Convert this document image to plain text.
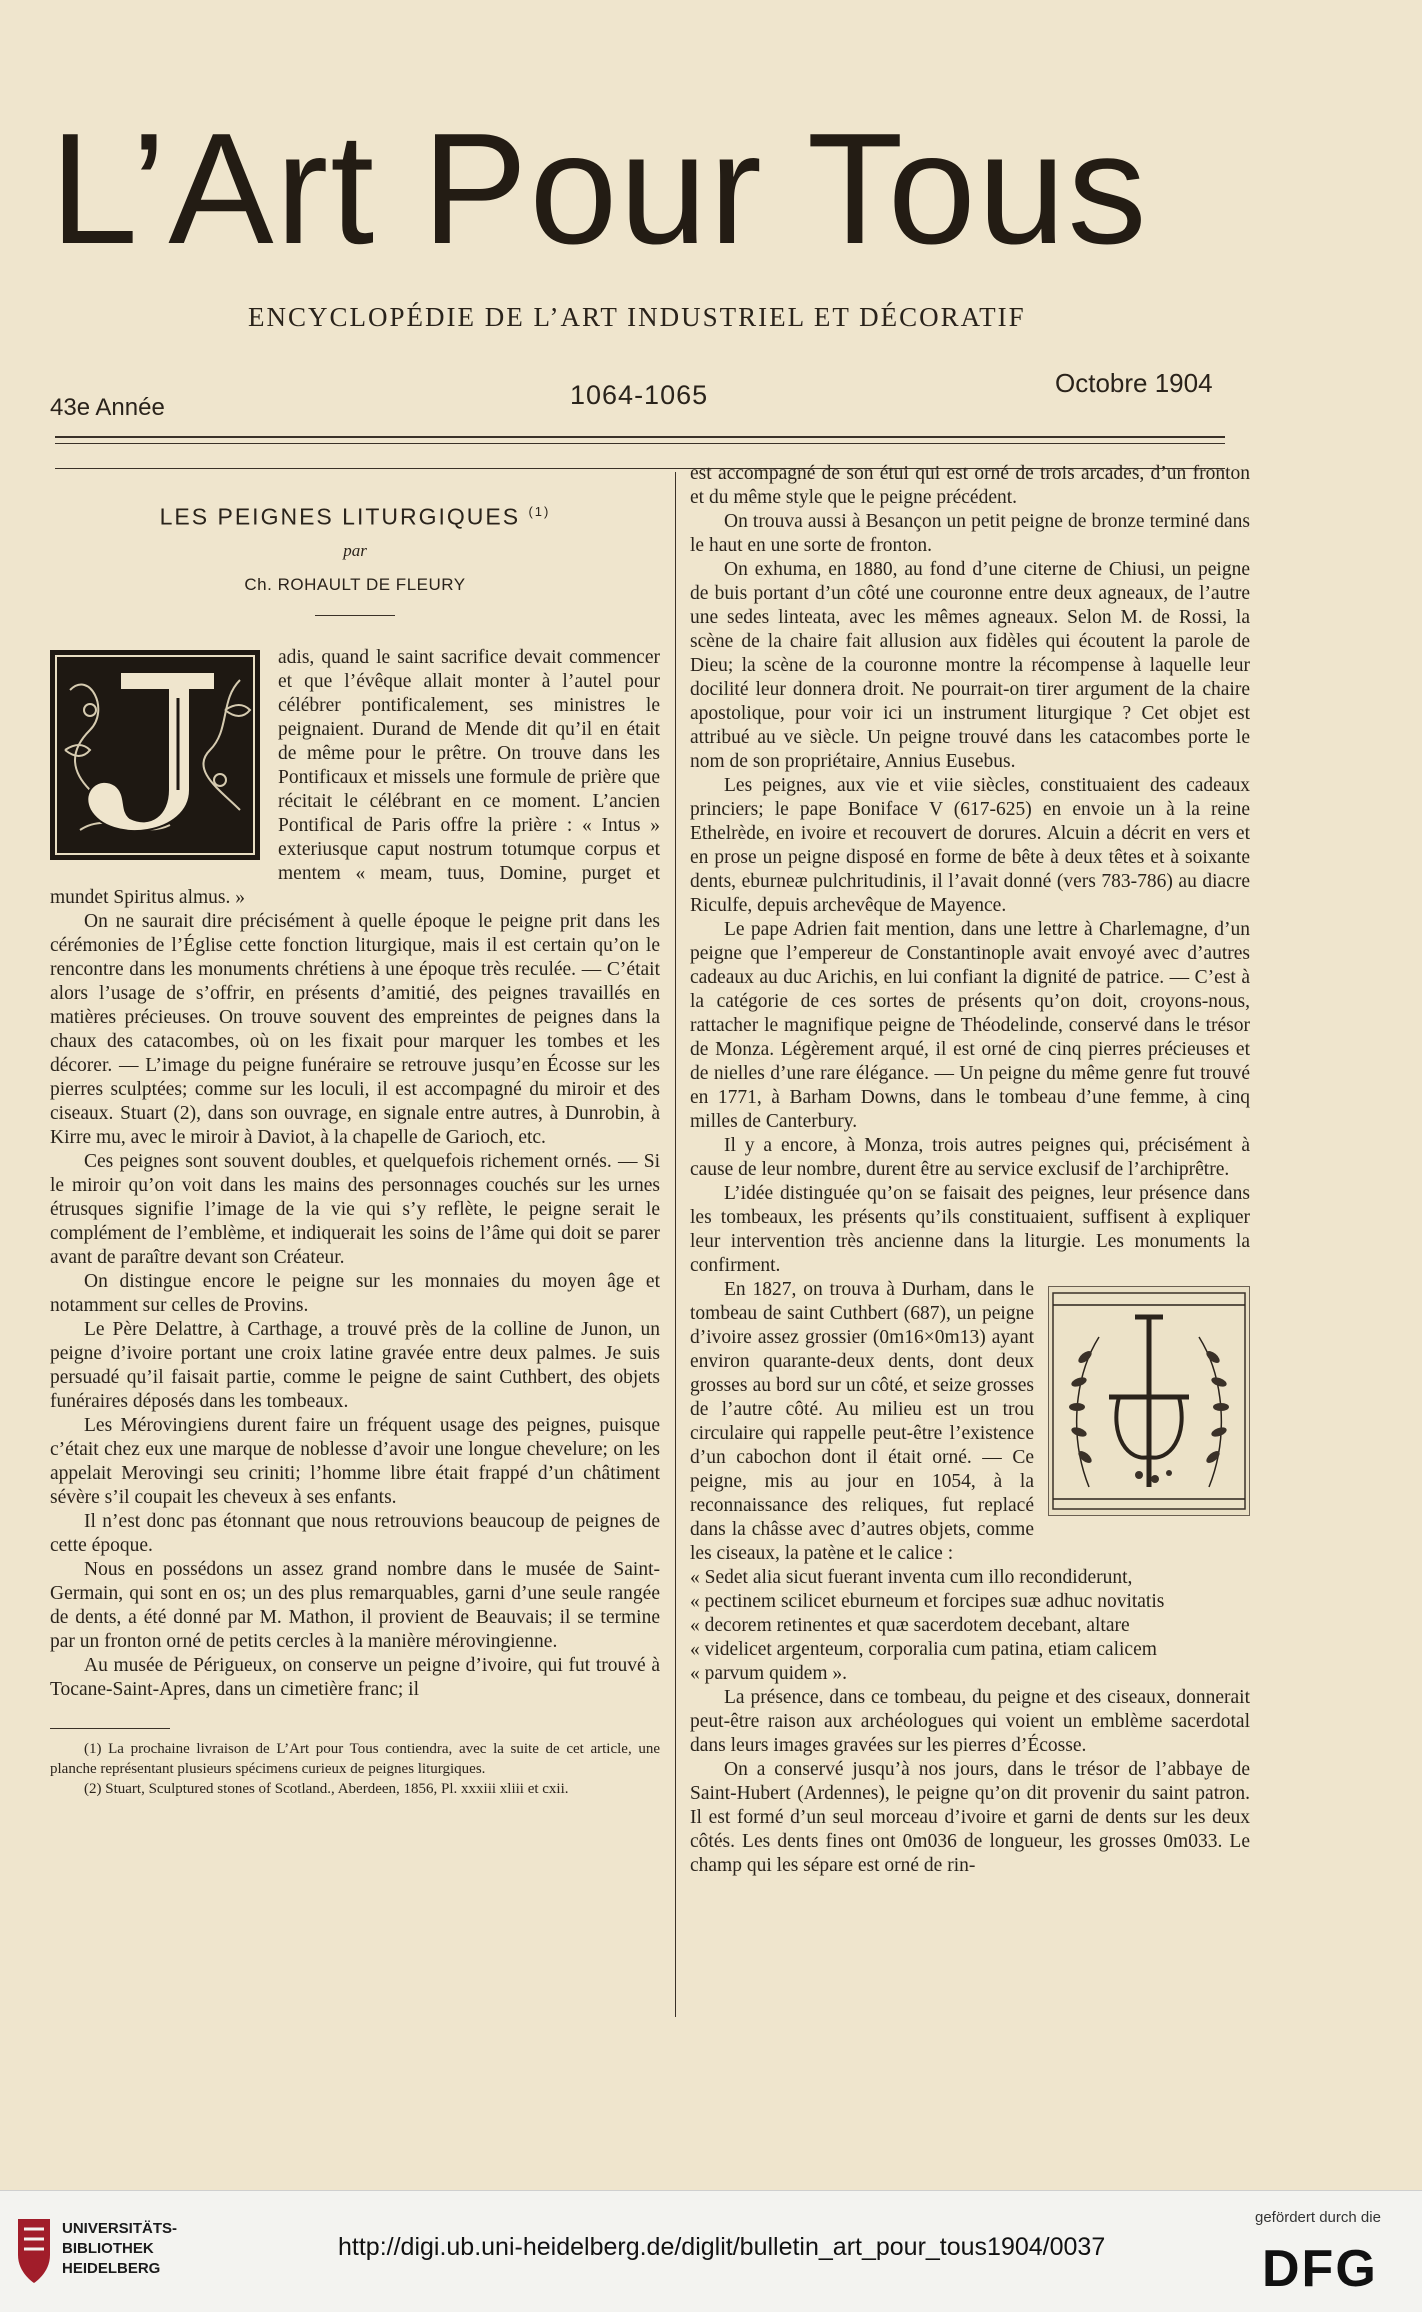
L’Art Pour Tous
ENCYCLOPÉDIE DE L’ART INDUSTRIEL ET DÉCORATIF
43e Année	1064-1065	Octobre 1904
LES PEIGNES LITURGIQUES $^{(1)}$
par
Ch. ROHAULT DE FLEURY

adis, quand le saint sacrifice devait commencer et que l’évêque allait monter à l’autel pour célébrer pontificalement, ses ministres le peignaient. Durand de Mende dit qu’il en était de même pour le prêtre. On trouve dans les Pontificaux et missels une formule de prière que récitait le célébrant en ce moment. L’ancien Pontifical de Paris offre la prière : « Intus » exteriusque caput nostrum totumque corpus et mentem « meam, tuus, Domine, purget et mundet Spiritus almus. »

On ne saurait dire précisément à quelle époque le peigne prit dans les cérémonies de l’Église cette fonction liturgique, mais il est certain qu’on le rencontre dans les monuments chrétiens à une époque très reculée. — C’était alors l’usage de s’offrir, en présents d’amitié, des peignes travaillés en matières précieuses. On trouve souvent des empreintes de peignes dans la chaux des catacombes, où on les fixait pour marquer les tombes et les décorer. — L’image du peigne funéraire se retrouve jusqu’en Écosse sur les pierres sculptées; comme sur les loculi, il est accompagné du miroir et des ciseaux. Stuart (2), dans son ouvrage, en signale entre autres, à Dunrobin, à Kirre mu, avec le miroir à Daviot, à la chapelle de Garioch, etc.

Ces peignes sont souvent doubles, et quelquefois richement ornés. — Si le miroir qu’on voit dans les mains des personnages couchés sur les urnes étrusques signifie l’image de la vie qui s’y reflète, le peigne serait le complément de l’emblème, et indiquerait les soins de l’âme qui doit se parer avant de paraître devant son Créateur.

On distingue encore le peigne sur les monnaies du moyen âge et notamment sur celles de Provins.

Le Père Delattre, à Carthage, a trouvé près de la colline de Junon, un peigne d’ivoire portant une croix latine gravée entre deux palmes. Je suis persuadé qu’il faisait partie, comme le peigne de saint Cuthbert, des objets funéraires déposés dans les tombeaux.

Les Mérovingiens durent faire un fréquent usage des peignes, puisque c’était chez eux une marque de noblesse d’avoir une longue chevelure; on les appelait Merovingi seu criniti; l’homme libre était frappé d’un châtiment sévère s’il coupait les cheveux à ses enfants.

Il n’est donc pas étonnant que nous retrouvions beaucoup de peignes de cette époque.

Nous en possédons un assez grand nombre dans le musée de Saint-Germain, qui sont en os; un des plus remarquables, garni d’une seule rangée de dents, a été donné par M. Mathon, il provient de Beauvais; il se termine par un fronton orné de petits cercles à la manière mérovingienne.

Au musée de Périgueux, on conserve un peigne d’ivoire, qui fut trouvé à Tocane-Saint-Apres, dans un cimetière franc; il

(1) La prochaine livraison de L’Art pour Tous contiendra, avec la suite de cet article, une planche représentant plusieurs spécimens curieux de peignes liturgiques.

(2) Stuart, Sculptured stones of Scotland., Aberdeen, 1856, Pl. xxxiii xliii et cxii.

est accompagné de son étui qui est orné de trois arcades, d’un fronton et du même style que le peigne précédent.

On trouva aussi à Besançon un petit peigne de bronze terminé dans le haut en une sorte de fronton.

On exhuma, en 1880, au fond d’une citerne de Chiusi, un peigne de buis portant d’un côté une couronne entre deux agneaux, de l’autre une sedes linteata, avec les mêmes agneaux. Selon M. de Rossi, la scène de la chaire fait allusion aux fidèles qui écoutent la parole de Dieu; la scène de la couronne montre la récompense à laquelle leur docilité leur donnera droit. Ne pourrait-on tirer argument de la chaire apostolique, pour voir ici un instrument liturgique ? Cet objet est attribué au ve siècle. Un peigne trouvé dans les catacombes porte le nom de son propriétaire, Annius Eusebus.

Les peignes, aux vie et viie siècles, constituaient des cadeaux princiers; le pape Boniface V (617-625) en envoie un à la reine Ethelrède, en ivoire et recouvert de dorures. Alcuin a décrit en vers et en prose un peigne disposé en forme de bête à deux têtes et à soixante dents, eburneæ pulchritudinis, il l’avait donné (vers 783-786) au diacre Riculfe, depuis archevêque de Mayence.

Le pape Adrien fait mention, dans une lettre à Charlemagne, d’un peigne que l’empereur de Constantinople avait envoyé avec d’autres cadeaux au duc Arichis, en lui confiant la dignité de patrice. — C’est à la catégorie de ces sortes de présents qu’on doit, croyons-nous, rattacher le magnifique peigne de Théodelinde, conservé dans le trésor de Monza. Légèrement arqué, il est orné de cinq pierres précieuses et de nielles d’une rare élégance. — Un peigne du même genre fut trouvé en 1771, à Barham Downs, dans le tombeau d’une femme, à cinq milles de Canterbury.

Il y a encore, à Monza, trois autres peignes qui, précisément à cause de leur nombre, durent être au service exclusif de l’archiprêtre.

L’idée distinguée qu’on se faisait des peignes, leur présence dans les tombeaux, les présents qu’ils constituaient, suffisent à expliquer leur intervention très ancienne dans la liturgie. Les monuments la confirment.

En 1827, on trouva à Durham, dans le tombeau de saint Cuthbert (687), un peigne d’ivoire assez grossier (0m16×0m13) ayant environ quarante-deux dents, dont deux grosses au bord sur un côté, et seize grosses de l’autre côté. Au milieu est un trou circulaire qui rappelle peut-être l’existence d’un cabochon dont il était orné. — Ce peigne, mis au jour en 1054, à la reconnaissance des reliques, fut replacé dans la châsse avec d’autres objets, comme les ciseaux, la patène et le calice :

« Sedet alia sicut fuerant inventa cum illo recondiderunt,
« pectinem scilicet eburneum et forcipes suæ adhuc novitatis
« decorem retinentes et quæ sacerdotem decebant, altare
« videlicet argenteum, corporalia cum patina, etiam calicem
« parvum quidem ».

La présence, dans ce tombeau, du peigne et des ciseaux, donnerait peut-être raison aux archéologues qui voient un emblème sacerdotal dans leurs images gravées sur les pierres d’Écosse.

On a conservé jusqu’à nos jours, dans le trésor de l’abbaye de Saint-Hubert (Ardennes), le peigne qu’on dit provenir du saint patron. Il est formé d’un seul morceau d’ivoire et garni de dents sur les deux côtés. Les dents fines ont 0m036 de longueur, les grosses 0m033. Le champ qui les sépare est orné de rin-

UNIVERSITÄTS-
BIBLIOTHEK
HEIDELBERG
http://digi.ub.uni-heidelberg.de/diglit/bulletin_art_pour_tous1904/0037
gefördert durch die
DFG
